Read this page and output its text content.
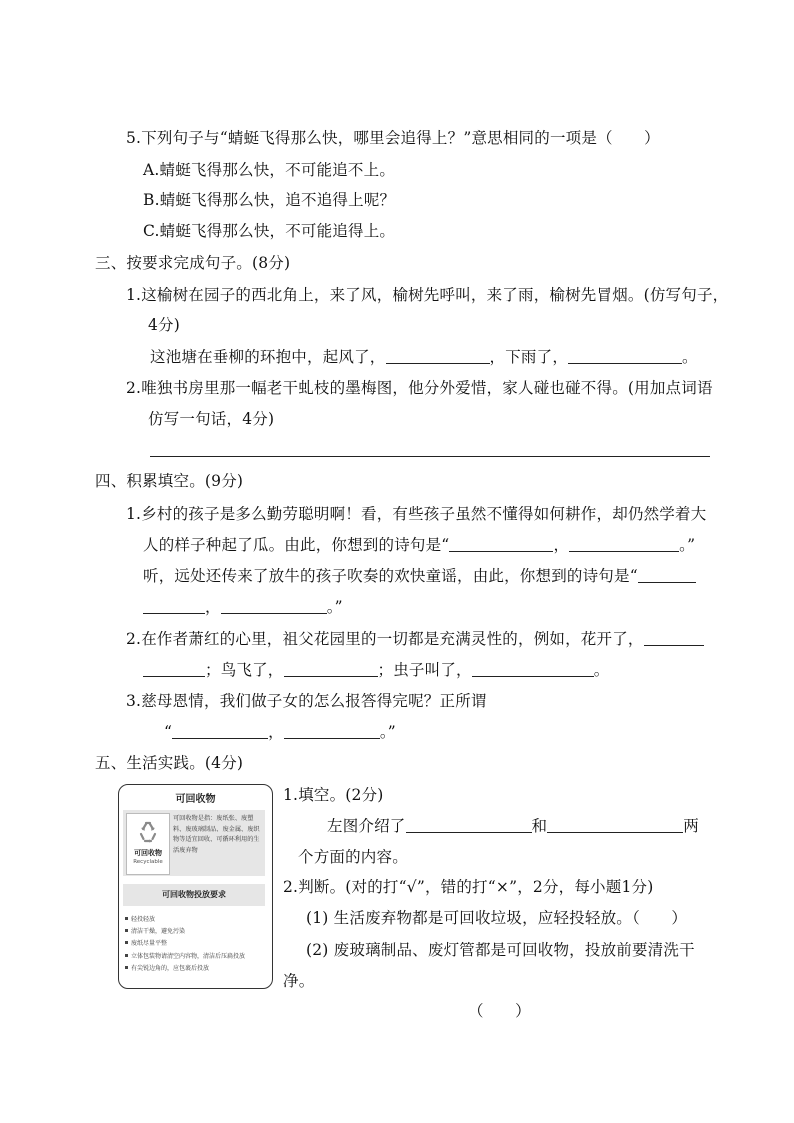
5.下列句子与“蜻蜓飞得那么快，哪里会追得上？”意思相同的一项是（　　）
A.蜻蜓飞得那么快，不可能追不上。
B.蜻蜓飞得那么快，追不追得上呢？
C.蜻蜓飞得那么快，不可能追得上。
三、按要求完成句子。(8分)
1.这榆树在园子的西北角上，来了风，榆树先呼叫，来了雨，榆树先冒烟。(仿写句子，
4分)
这池塘在垂柳的环抱中，起风了，	，下雨了，	。
2.唯独书房里那一幅老干虬枝的墨梅图，他分外爱惜，家人碰也碰不得。(用加点词语
仿写一句话，4分)
四、积累填空。(9分)
1.乡村的孩子是多么勤劳聪明啊！看，有些孩子虽然不懂得如何耕作，却仍然学着大
人的样子种起了瓜。由此，你想到的诗句是“	，	。”
听，远处还传来了放牛的孩子吹奏的欢快童谣，由此，你想到的诗句是“
，	。”
2.在作者萧红的心里，祖父花园里的一切都是充满灵性的，例如，花开了，
；鸟飞了，	；虫子叫了，	。
3.慈母恩情，我们做子女的怎么报答得完呢？正所谓
“	，	。”
五、生活实践。(4分)
可回收物
可回收物
Recyclable
可回收物是指：废纸张、废塑料、废玻璃制品、废金属、废织物等适宜回收、可循环利用的生活废弃物
可回收物投放要求
轻投轻放
清洁干燥，避免污染
废纸尽量平整
立体包装物请清空内容物，清洁后压扁投放
有尖锐边角的，应包裹后投放
1.填空。(2分)
左图介绍了	和	两
个方面的内容。
2.判断。(对的打“√”，错的打“×”，2分，每小题1分)
(1) 生活废弃物都是可回收垃圾，应轻投轻放。（　　）
(2) 废玻璃制品、废灯管都是可回收物，投放前要清洗干
净。
（　　）
